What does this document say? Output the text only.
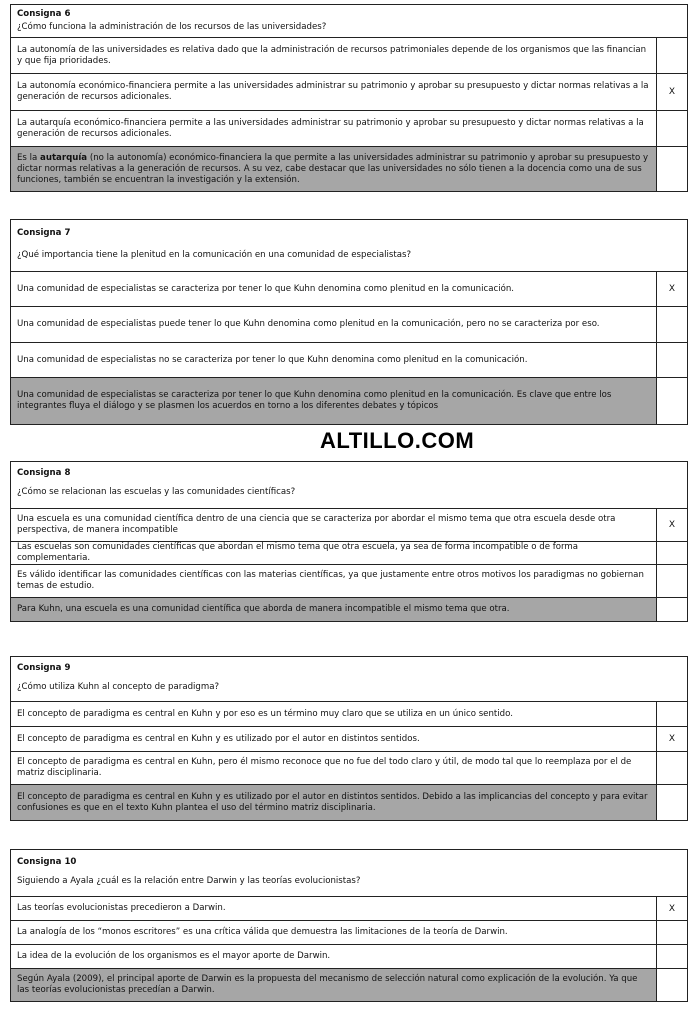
Consigna 6
¿Cómo funciona la administración de los recursos de las universidades?
La autonomía de las universidades es relativa dado que la administración de recursos patrimoniales depende de los organismos que las financian y que fija prioridades.
La autonomía económico-financiera permite a las universidades administrar su patrimonio y aprobar su presupuesto y dictar normas relativas a la generación de recursos adicionales.	X
La autarquía económico-financiera permite a las universidades administrar su patrimonio y aprobar su presupuesto y dictar normas relativas a la generación de recursos adicionales.
Es la autarquía (no la autonomía) económico-financiera la que permite a las universidades administrar su patrimonio y aprobar su presupuesto y dictar normas relativas a la generación de recursos. A su vez, cabe destacar que las universidades no sólo tienen a la docencia como una de sus funciones, también se encuentran la investigación y la extensión.
Consigna 7
¿Qué importancia tiene la plenitud en la comunicación en una comunidad de especialistas?
Una comunidad de especialistas se caracteriza por tener lo que Kuhn denomina como plenitud en la comunicación.	X
Una comunidad de especialistas puede tener lo que Kuhn denomina como plenitud en la comunicación, pero no se caracteriza por eso.
Una comunidad de especialistas no se caracteriza por tener lo que Kuhn denomina como plenitud en la comunicación.
Una comunidad de especialistas se caracteriza por tener lo que Kuhn denomina como plenitud en la comunicación. Es clave que entre los integrantes fluya el diálogo y se plasmen los acuerdos en torno a los diferentes debates y tópicos
ALTILLO.COM
Consigna 8
¿Cómo se relacionan las escuelas y las comunidades científicas?
Una escuela es una comunidad científica dentro de una ciencia que se caracteriza por abordar el mismo tema que otra escuela desde otra perspectiva, de manera incompatible	X
Las escuelas son comunidades científicas que abordan el mismo tema que otra escuela, ya sea de forma incompatible o de forma complementaria.
Es válido identificar las comunidades científicas con las materias científicas, ya que justamente entre otros motivos los paradigmas no gobiernan temas de estudio.
Para Kuhn, una escuela es una comunidad científica que aborda de manera incompatible el mismo tema que otra.
Consigna 9
¿Cómo utiliza Kuhn al concepto de paradigma?
El concepto de paradigma es central en Kuhn y por eso es un término muy claro que se utiliza en un único sentido.
El concepto de paradigma es central en Kuhn y es utilizado por el autor en distintos sentidos.	X
El concepto de paradigma es central en Kuhn, pero él mismo reconoce que no fue del todo claro y útil, de modo tal que lo reemplaza por el de matriz disciplinaria.
El concepto de paradigma es central en Kuhn y es utilizado por el autor en distintos sentidos. Debido a las implicancias del concepto y para evitar confusiones es que en el texto Kuhn plantea el uso del término matriz disciplinaria.
Consigna 10
Siguiendo a Ayala ¿cuál es la relación entre Darwin y las teorías evolucionistas?
Las teorías evolucionistas precedieron a Darwin.	X
La analogía de los “monos escritores” es una crítica válida que demuestra las limitaciones de la teoría de Darwin.
La idea de la evolución de los organismos es el mayor aporte de Darwin.
Según Ayala (2009), el principal aporte de Darwin es la propuesta del mecanismo de selección natural como explicación de la evolución. Ya que las teorías evolucionistas precedían a Darwin.
